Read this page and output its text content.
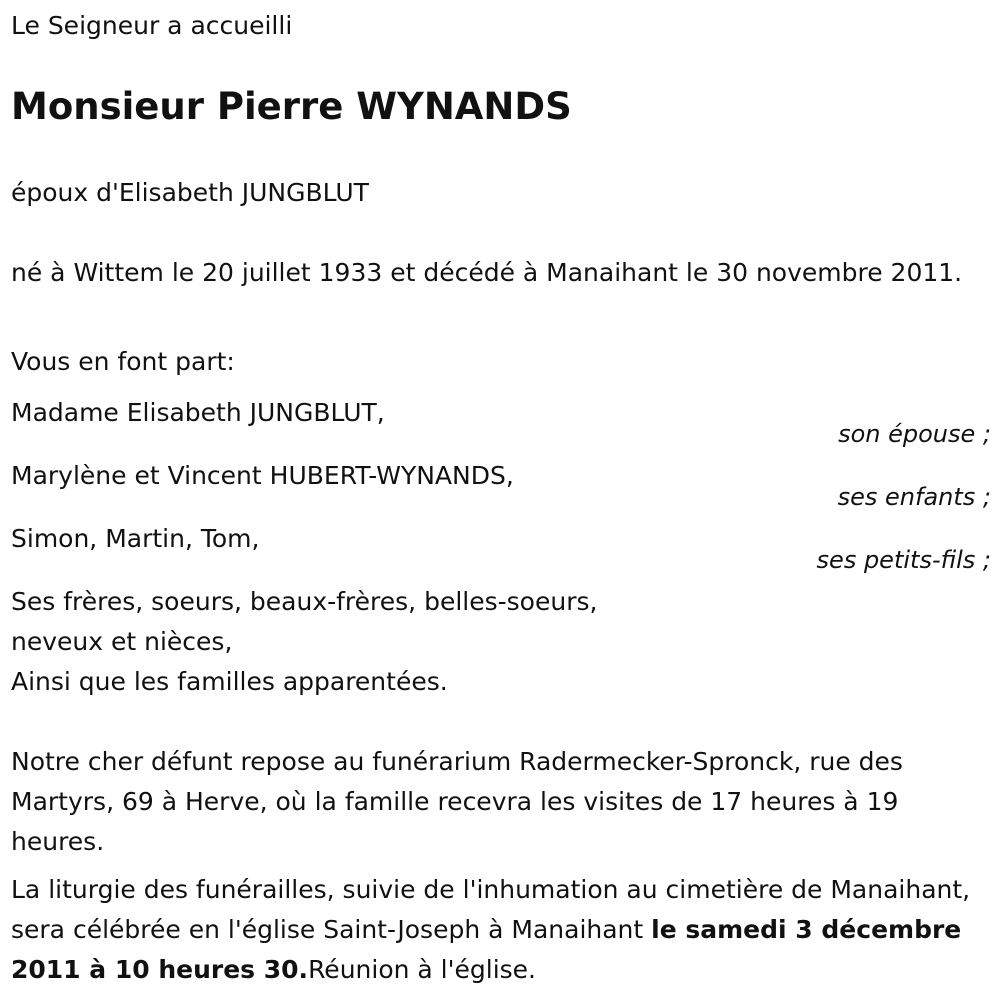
Le Seigneur a accueilli

Monsieur Pierre WYNANDS

époux d'Elisabeth JUNGBLUT

né à Wittem le 20 juillet 1933 et décédé à Manaihant le 30 novembre 2011.

Vous en font part:

Madame Elisabeth JUNGBLUT,

son épouse ;

Marylène et Vincent HUBERT-WYNANDS,

ses enfants ;

Simon, Martin, Tom,

ses petits-fils ;

Ses frères, soeurs, beaux-frères, belles-soeurs,

neveux et nièces,

Ainsi que les familles apparentées.

Notre cher défunt repose au funérarium Radermecker-Spronck, rue des Martyrs, 69 à Herve, où la famille recevra les visites de 17 heures à 19 heures.

La liturgie des funérailles, suivie de l'inhumation au cimetière de Manaihant, sera célébrée en l'église Saint-Joseph à Manaihant le samedi 3 décembre 2011 à 10 heures 30.Réunion à l'église.
